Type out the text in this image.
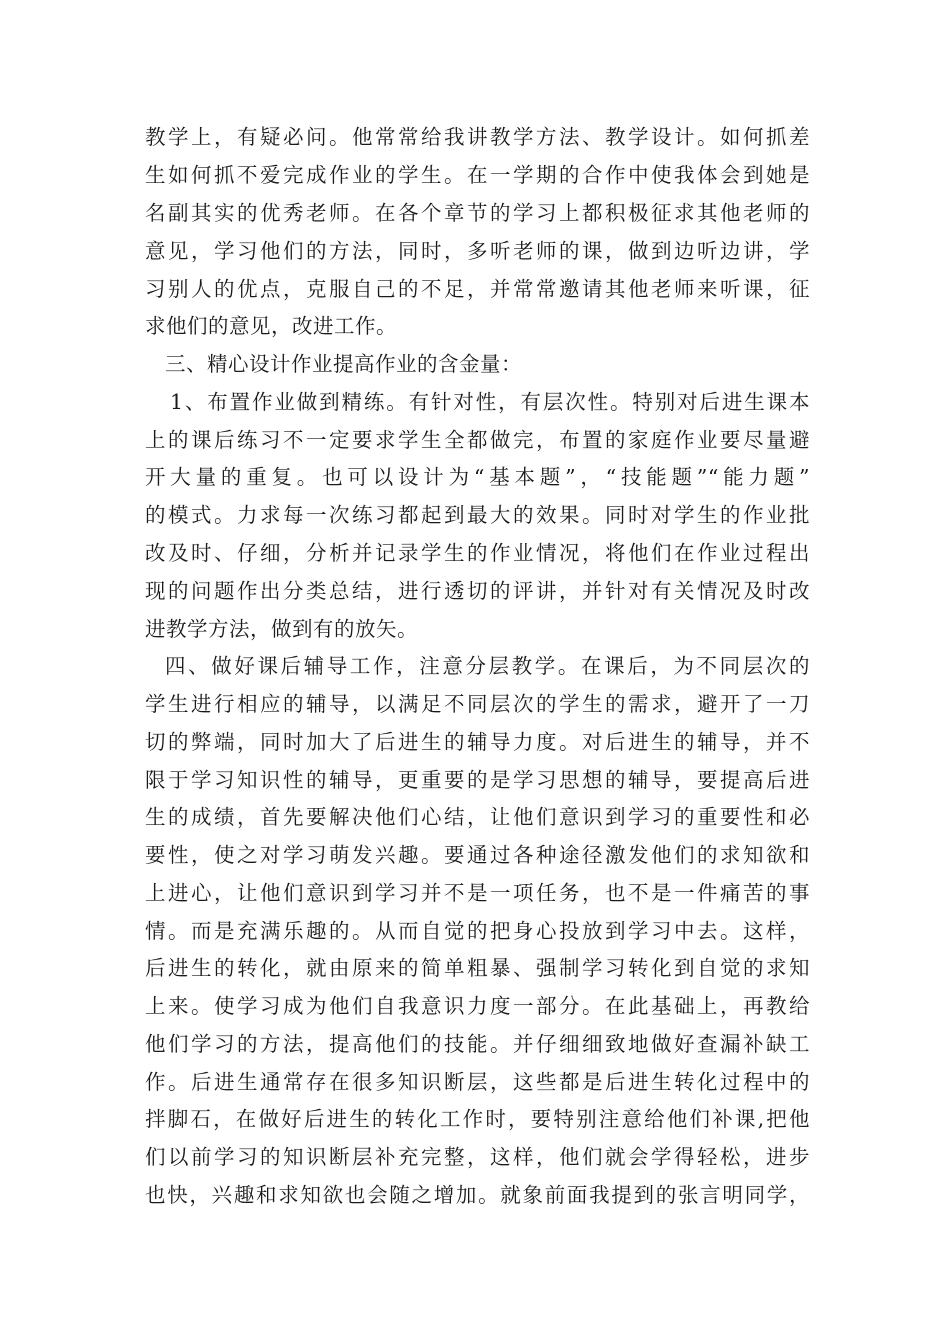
教学上，有疑必问。他常常给我讲教学方法、教学设计。如何抓差
生如何抓不爱完成作业的学生。在一学期的合作中使我体会到她是
名副其实的优秀老师。在各个章节的学习上都积极征求其他老师的
意见，学习他们的方法，同时，多听老师的课，做到边听边讲，学
习别人的优点，克服自己的不足，并常常邀请其他老师来听课，征
求他们的意见，改进工作。
三、精心设计作业提高作业的含金量：
1、布置作业做到精练。有针对性，有层次性。特别对后进生课本
上的课后练习不一定要求学生全都做完，布置的家庭作业要尽量避
开大量的重复。也可以设计为“基本题”，“技能题”“能力题”
的模式。力求每一次练习都起到最大的效果。同时对学生的作业批
改及时、仔细，分析并记录学生的作业情况，将他们在作业过程出
现的问题作出分类总结，进行透切的评讲，并针对有关情况及时改
进教学方法，做到有的放矢。
四、做好课后辅导工作，注意分层教学。在课后，为不同层次的
学生进行相应的辅导，以满足不同层次的学生的需求，避开了一刀
切的弊端，同时加大了后进生的辅导力度。对后进生的辅导，并不
限于学习知识性的辅导，更重要的是学习思想的辅导，要提高后进
生的成绩，首先要解决他们心结，让他们意识到学习的重要性和必
要性，使之对学习萌发兴趣。要通过各种途径激发他们的求知欲和
上进心，让他们意识到学习并不是一项任务，也不是一件痛苦的事
情。而是充满乐趣的。从而自觉的把身心投放到学习中去。这样，
后进生的转化，就由原来的简单粗暴、强制学习转化到自觉的求知
上来。使学习成为他们自我意识力度一部分。在此基础上，再教给
他们学习的方法，提高他们的技能。并仔细细致地做好查漏补缺工
作。后进生通常存在很多知识断层，这些都是后进生转化过程中的
拌脚石，在做好后进生的转化工作时，要特别注意给他们补课,把他
们以前学习的知识断层补充完整，这样，他们就会学得轻松，进步
也快，兴趣和求知欲也会随之增加。就象前面我提到的张言明同学，
